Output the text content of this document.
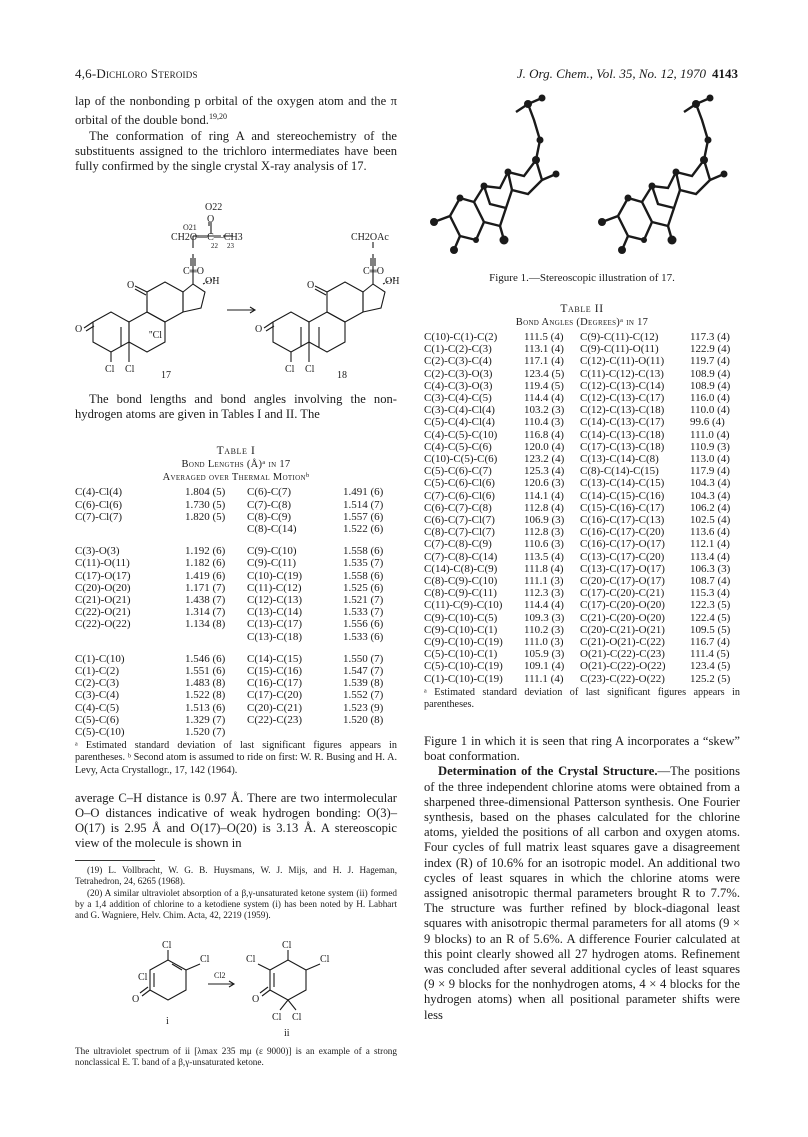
4,6-Dichloro Steroids	J. Org. Chem., Vol. 35, No. 12, 1970 4143

lap of the nonbonding p orbital of the oxygen atom and the π orbital of the double bond.$^{19,20}$

The conformation of ring A and stereochemistry of the substituents assigned to the trichloro intermediates have been fully confirmed by the single crystal X-ray analysis of 17.

O22
O
O21
CH2O—C—CH3
22 23
C═O
OH
O
O
''Cl
Cl Cl
17
CH2OAc
C═O
OH
O
O
Cl Cl
18

The bond lengths and bond angles involving the non-hydrogen atoms are given in Tables I and II. The

Table I

Bond Lengths (Å)ᵃ in 17

Averaged over Thermal Motionᵇ

C(4)-Cl(4)	1.804 (5)	C(6)-C(7)	1.491 (6)
C(6)-Cl(6)	1.730 (5)	C(7)-C(8)	1.514 (7)
C(7)-Cl(7)	1.820 (5)	C(8)-C(9)	1.557 (6)
		C(8)-C(14)	1.522 (6)

C(3)-O(3)	1.192 (6)	C(9)-C(10)	1.558 (6)
C(11)-O(11)	1.182 (6)	C(9)-C(11)	1.535 (7)
C(17)-O(17)	1.419 (6)	C(10)-C(19)	1.558 (6)
C(20)-O(20)	1.171 (7)	C(11)-C(12)	1.525 (6)
C(21)-O(21)	1.438 (7)	C(12)-C(13)	1.521 (7)
C(22)-O(21)	1.314 (7)	C(13)-C(14)	1.533 (7)
C(22)-O(22)	1.134 (8)	C(13)-C(17)	1.556 (6)
		C(13)-C(18)	1.533 (6)

C(1)-C(10)	1.546 (6)	C(14)-C(15)	1.550 (7)
C(1)-C(2)	1.551 (6)	C(15)-C(16)	1.547 (7)
C(2)-C(3)	1.483 (8)	C(16)-C(17)	1.539 (8)
C(3)-C(4)	1.522 (8)	C(17)-C(20)	1.552 (7)
C(4)-C(5)	1.513 (6)	C(20)-C(21)	1.523 (9)
C(5)-C(6)	1.329 (7)	C(22)-C(23)	1.520 (8)
C(5)-C(10)	1.520 (7)		

ᵃ Estimated standard deviation of last significant figures appears in parentheses. ᵇ Second atom is assumed to ride on first: W. R. Busing and H. A. Levy, Acta Crystallogr., 17, 142 (1964).

average C–H distance is 0.97 Å. There are two intermolecular O–O distances indicative of weak hydrogen bonding: O(3)–O(17) is 2.95 Å and O(17)–O(20) is 3.13 Å. A stereoscopic view of the molecule is shown in

(19) L. Vollbracht, W. G. B. Huysmans, W. J. Mijs, and H. J. Hageman, Tetrahedron, 24, 6265 (1968).

(20) A similar ultraviolet absorption of a β,γ-unsaturated ketone system (ii) formed by a 1,4 addition of chlorine to a ketodiene system (i) has been noted by H. Labhart and G. Wagniere, Helv. Chim. Acta, 42, 2219 (1959).

Cl
Cl
Cl
O
i
Cl2
Cl
Cl
Cl
O
Cl Cl
ii

The ultraviolet spectrum of ii [λmax 235 mμ (ε 9000)] is an example of a strong nonclassical E. T. band of a β,γ-unsaturated ketone.

Figure 1.—Stereoscopic illustration of 17.

Table II

Bond Angles (Degrees)ᵃ in 17

C(10)-C(1)-C(2)	111.5 (4)	C(9)-C(11)-C(12)	117.3 (4)
C(1)-C(2)-C(3)	113.1 (4)	C(9)-C(11)-O(11)	122.9 (4)
C(2)-C(3)-C(4)	117.1 (4)	C(12)-C(11)-O(11)	119.7 (4)
C(2)-C(3)-O(3)	123.4 (5)	C(11)-C(12)-C(13)	108.9 (4)
C(4)-C(3)-O(3)	119.4 (5)	C(12)-C(13)-C(14)	108.9 (4)
C(3)-C(4)-C(5)	114.4 (4)	C(12)-C(13)-C(17)	116.0 (4)
C(3)-C(4)-Cl(4)	103.2 (3)	C(12)-C(13)-C(18)	110.0 (4)
C(5)-C(4)-Cl(4)	110.4 (3)	C(14)-C(13)-C(17)	99.6 (4)
C(4)-C(5)-C(10)	116.8 (4)	C(14)-C(13)-C(18)	111.0 (4)
C(4)-C(5)-C(6)	120.0 (4)	C(17)-C(13)-C(18)	110.9 (3)
C(10)-C(5)-C(6)	123.2 (4)	C(13)-C(14)-C(8)	113.0 (4)
C(5)-C(6)-C(7)	125.3 (4)	C(8)-C(14)-C(15)	117.9 (4)
C(5)-C(6)-Cl(6)	120.6 (3)	C(13)-C(14)-C(15)	104.3 (4)
C(7)-C(6)-Cl(6)	114.1 (4)	C(14)-C(15)-C(16)	104.3 (4)
C(6)-C(7)-C(8)	112.8 (4)	C(15)-C(16)-C(17)	106.2 (4)
C(6)-C(7)-Cl(7)	106.9 (3)	C(16)-C(17)-C(13)	102.5 (4)
C(8)-C(7)-Cl(7)	112.8 (3)	C(16)-C(17)-C(20)	113.6 (4)
C(7)-C(8)-C(9)	110.6 (3)	C(16)-C(17)-O(17)	112.1 (4)
C(7)-C(8)-C(14)	113.5 (4)	C(13)-C(17)-C(20)	113.4 (4)
C(14)-C(8)-C(9)	111.8 (4)	C(13)-C(17)-O(17)	106.3 (3)
C(8)-C(9)-C(10)	111.1 (3)	C(20)-C(17)-O(17)	108.7 (4)
C(8)-C(9)-C(11)	112.3 (3)	C(17)-C(20)-C(21)	115.3 (4)
C(11)-C(9)-C(10)	114.4 (4)	C(17)-C(20)-O(20)	122.3 (5)
C(9)-C(10)-C(5)	109.3 (3)	C(21)-C(20)-O(20)	122.4 (5)
C(9)-C(10)-C(1)	110.2 (3)	C(20)-C(21)-O(21)	109.5 (5)
C(9)-C(10)-C(19)	111.0 (3)	C(21)-O(21)-C(22)	116.7 (4)
C(5)-C(10)-C(1)	105.9 (3)	O(21)-C(22)-C(23)	111.4 (5)
C(5)-C(10)-C(19)	109.1 (4)	O(21)-C(22)-O(22)	123.4 (5)
C(1)-C(10)-C(19)	111.1 (4)	C(23)-C(22)-O(22)	125.2 (5)

ᵃ Estimated standard deviation of last significant figures appears in parentheses.

Figure 1 in which it is seen that ring A incorporates a “skew” boat conformation.

Determination of the Crystal Structure.—The positions of the three independent chlorine atoms were obtained from a sharpened three-dimensional Patterson synthesis. One Fourier synthesis, based on the phases calculated for the chlorine atoms, yielded the positions of all carbon and oxygen atoms. Four cycles of full matrix least squares gave a disagreement index (R) of 10.6% for an isotropic model. An additional two cycles of least squares in which the chlorine atoms were assigned anisotropic thermal parameters brought R to 7.7%. The structure was further refined by block-diagonal least squares with anisotropic thermal parameters for all atoms (9 × 9 blocks) to an R of 5.6%. A difference Fourier calculated at this point clearly showed all 27 hydrogen atoms. Refinement was concluded after several additional cycles of least squares (9 × 9 blocks for the nonhydrogen atoms, 4 × 4 blocks for the hydrogen atoms) when all positional parameter shifts were less
